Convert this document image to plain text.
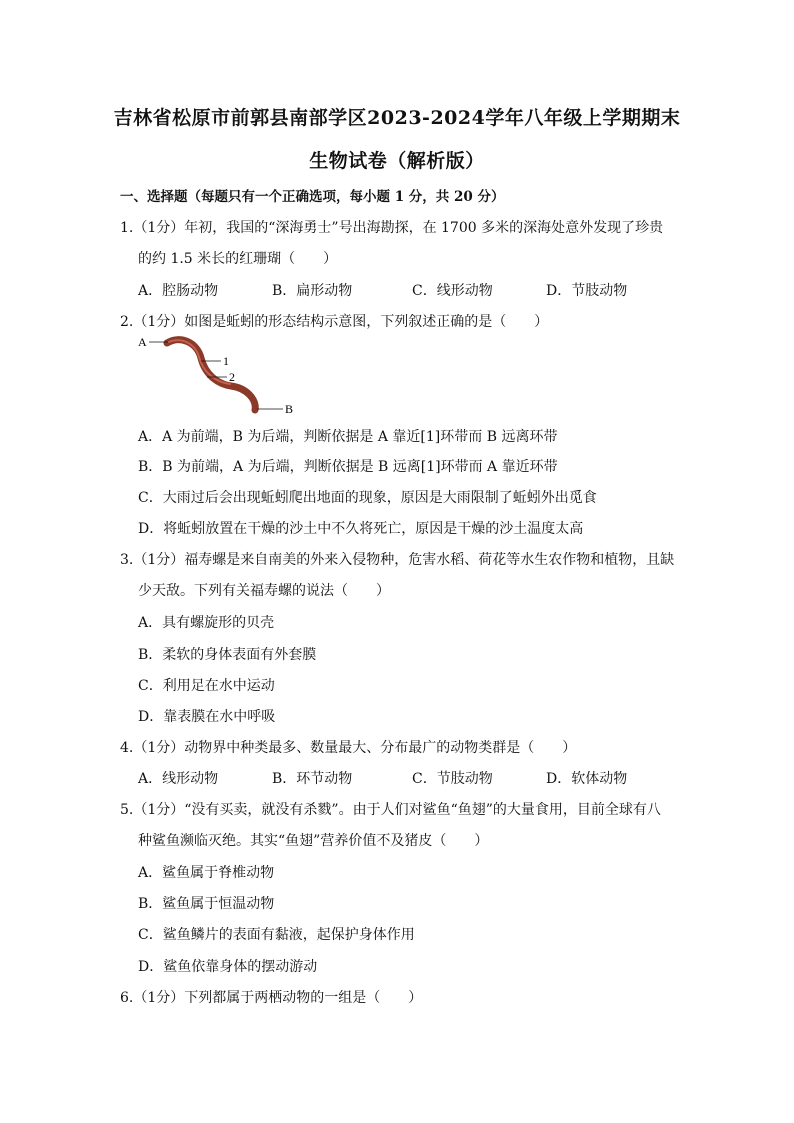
吉林省松原市前郭县南部学区2023-2024学年八年级上学期期末
生物试卷（解析版）
一、选择题（每题只有一个正确选项，每小题 1 分，共 20 分）
1.（1分）年初，我国的“深海勇士”号出海勘探，在 1700 多米的深海处意外发现了珍贵
的约 1.5 米长的红珊瑚（　　）
A．腔肠动物	B．扁形动物	C．线形动物	D．节肢动物
2.（1分）如图是蚯蚓的形态结构示意图，下列叙述正确的是（　　）
A
1
2
B
A．A 为前端，B 为后端，判断依据是 A 靠近[1]环带而 B 远离环带
B．B 为前端，A 为后端，判断依据是 B 远离[1]环带而 A 靠近环带
C．大雨过后会出现蚯蚓爬出地面的现象，原因是大雨限制了蚯蚓外出觅食
D．将蚯蚓放置在干燥的沙土中不久将死亡，原因是干燥的沙土温度太高
3.（1分）福寿螺是来自南美的外来入侵物种，危害水稻、荷花等水生农作物和植物，且缺
少天敌。下列有关福寿螺的说法（　　）
A．具有螺旋形的贝壳
B．柔软的身体表面有外套膜
C．利用足在水中运动
D．靠表膜在水中呼吸
4.（1分）动物界中种类最多、数量最大、分布最广的动物类群是（　　）
A．线形动物	B．环节动物	C．节肢动物	D．软体动物
5.（1分）“没有买卖，就没有杀戮”。由于人们对鲨鱼“鱼翅”的大量食用，目前全球有八
种鲨鱼濒临灭绝。其实“鱼翅”营养价值不及猪皮（　　）
A．鲨鱼属于脊椎动物
B．鲨鱼属于恒温动物
C．鲨鱼鳞片的表面有黏液，起保护身体作用
D．鲨鱼依靠身体的摆动游动
6.（1分）下列都属于两栖动物的一组是（　　）
